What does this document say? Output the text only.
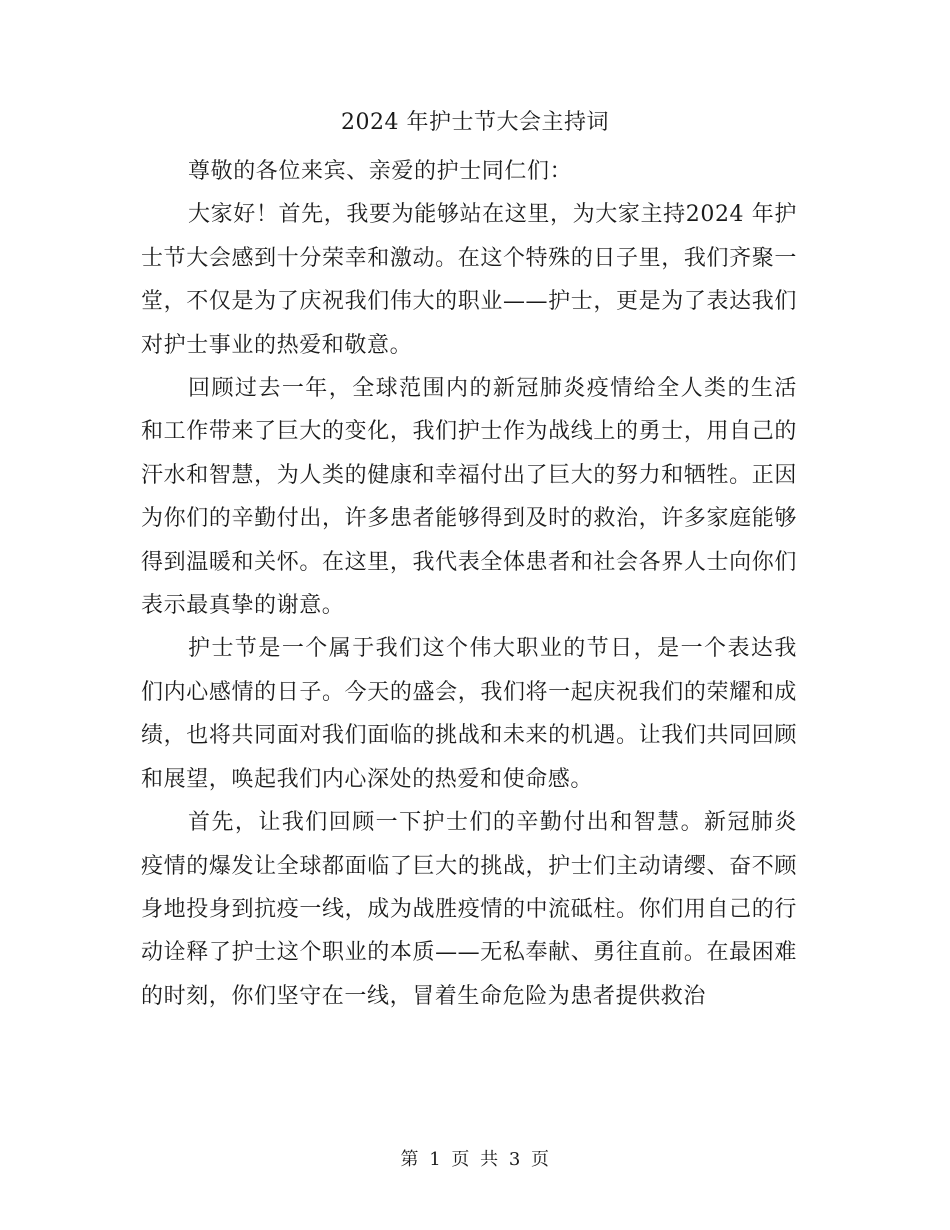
2024 年护士节大会主持词

尊敬的各位来宾、亲爱的护士同仁们：

大家好！首先，我要为能够站在这里，为大家主持2024 年护士节大会感到十分荣幸和激动。在这个特殊的日子里，我们齐聚一堂，不仅是为了庆祝我们伟大的职业——护士，更是为了表达我们对护士事业的热爱和敬意。

回顾过去一年，全球范围内的新冠肺炎疫情给全人类的生活和工作带来了巨大的变化，我们护士作为战线上的勇士，用自己的汗水和智慧，为人类的健康和幸福付出了巨大的努力和牺牲。正因为你们的辛勤付出，许多患者能够得到及时的救治，许多家庭能够得到温暖和关怀。在这里，我代表全体患者和社会各界人士向你们表示最真挚的谢意。

护士节是一个属于我们这个伟大职业的节日，是一个表达我们内心感情的日子。今天的盛会，我们将一起庆祝我们的荣耀和成绩，也将共同面对我们面临的挑战和未来的机遇。让我们共同回顾和展望，唤起我们内心深处的热爱和使命感。

首先，让我们回顾一下护士们的辛勤付出和智慧。新冠肺炎疫情的爆发让全球都面临了巨大的挑战，护士们主动请缨、奋不顾身地投身到抗疫一线，成为战胜疫情的中流砥柱。你们用自己的行动诠释了护士这个职业的本质——无私奉献、勇往直前。在最困难的时刻，你们坚守在一线，冒着生命危险为患者提供救治

第 1 页 共 3 页
